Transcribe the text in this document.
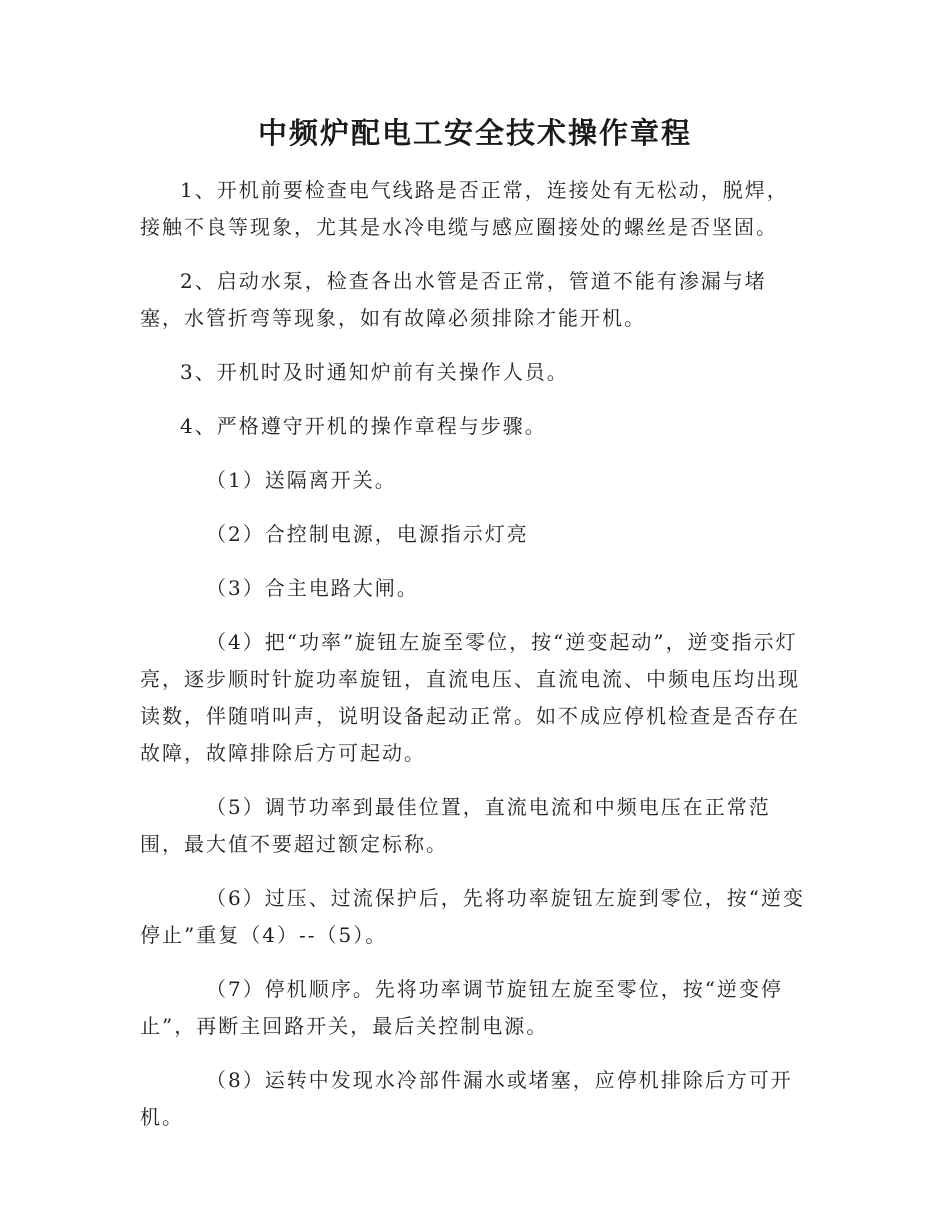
中频炉配电工安全技术操作章程

1、开机前要检查电气线路是否正常，连接处有无松动，脱焊，接触不良等现象，尤其是水冷电缆与感应圈接处的螺丝是否坚固。

2、启动水泵，检查各出水管是否正常，管道不能有渗漏与堵塞，水管折弯等现象，如有故障必须排除才能开机。

3、开机时及时通知炉前有关操作人员。

4、严格遵守开机的操作章程与步骤。

（1）送隔离开关。

（2）合控制电源，电源指示灯亮

（3）合主电路大闸。

（4）把“功率”旋钮左旋至零位，按“逆变起动”，逆变指示灯亮，逐步顺时针旋功率旋钮，直流电压、直流电流、中频电压均出现读数，伴随哨叫声，说明设备起动正常。如不成应停机检查是否存在故障，故障排除后方可起动。

（5）调节功率到最佳位置，直流电流和中频电压在正常范围，最大值不要超过额定标称。

（6）过压、过流保护后，先将功率旋钮左旋到零位，按“逆变停止”重复（4）--（5）。

（7）停机顺序。先将功率调节旋钮左旋至零位，按“逆变停止”，再断主回路开关，最后关控制电源。

（8）运转中发现水冷部件漏水或堵塞，应停机排除后方可开机。
